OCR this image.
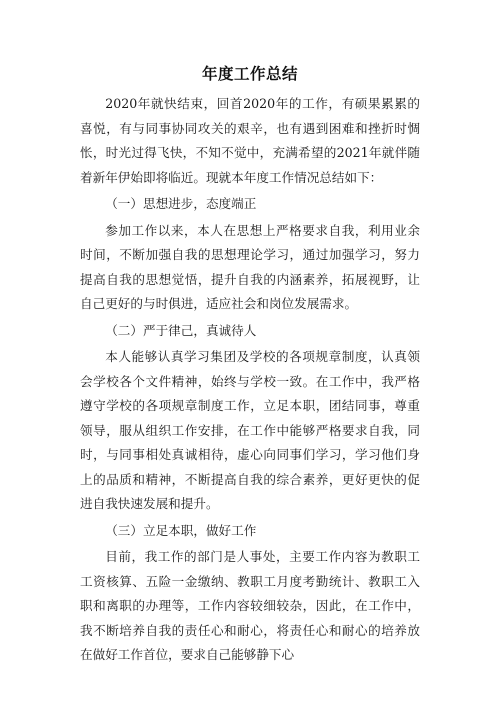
年度工作总结

2020年就快结束，回首2020年的工作，有硕果累累的喜悦，有与同事协同攻关的艰辛，也有遇到困难和挫折时惆怅，时光过得飞快，不知不觉中，充满希望的2021年就伴随着新年伊始即将临近。现就本年度工作情况总结如下：

（一）思想进步，态度端正

参加工作以来，本人在思想上严格要求自我，利用业余时间，不断加强自我的思想理论学习，通过加强学习，努力提高自我的思想觉悟，提升自我的内涵素养，拓展视野，让自己更好的与时俱进，适应社会和岗位发展需求。

（二）严于律己，真诚待人

本人能够认真学习集团及学校的各项规章制度，认真领会学校各个文件精神，始终与学校一致。在工作中，我严格遵守学校的各项规章制度工作，立足本职，团结同事，尊重领导，服从组织工作安排，在工作中能够严格要求自我，同时，与同事相处真诚相待，虚心向同事们学习，学习他们身上的品质和精神，不断提高自我的综合素养，更好更快的促进自我快速发展和提升。

（三）立足本职，做好工作

目前，我工作的部门是人事处，主要工作内容为教职工工资核算、五险一金缴纳、教职工月度考勤统计、教职工入职和离职的办理等，工作内容较细较杂，因此，在工作中，我不断培养自我的责任心和耐心，将责任心和耐心的培养放在做好工作首位，要求自己能够静下心
